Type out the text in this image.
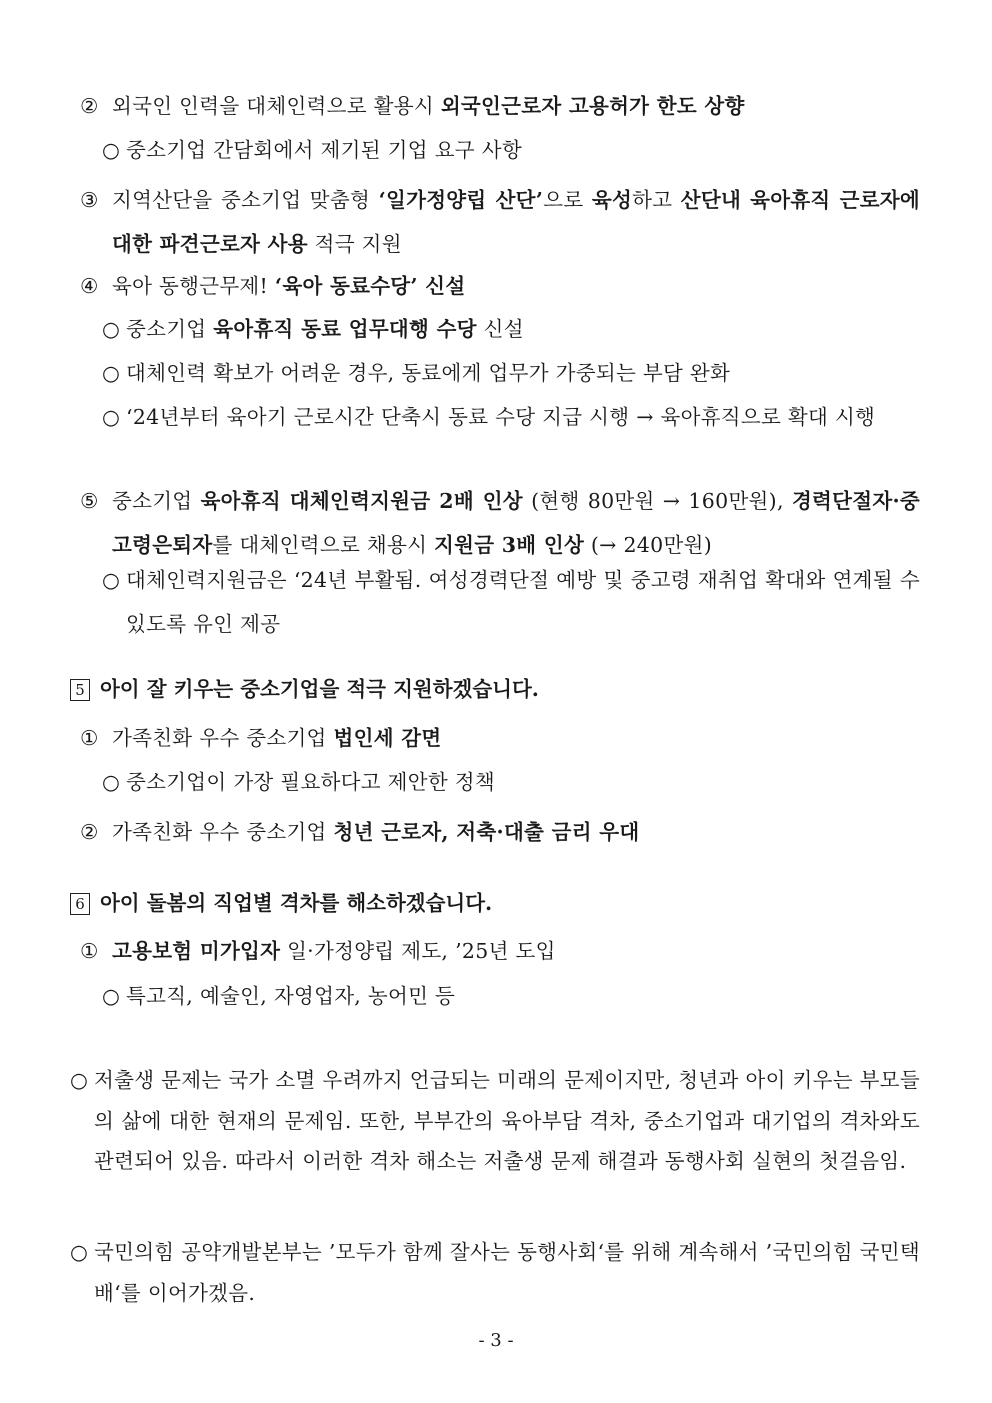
② 외국인 인력을 대체인력으로 활용시 외국인근로자 고용허가 한도 상향
○ 중소기업 간담회에서 제기된 기업 요구 사항
③ 지역산단을 중소기업 맞춤형 ‘일가정양립 산단’으로 육성하고 산단내 육아휴직 근로자에 대한 파견근로자 사용 적극 지원
④ 육아 동행근무제! ‘육아 동료수당’ 신설
○ 중소기업 육아휴직 동료 업무대행 수당 신설
○ 대체인력 확보가 어려운 경우, 동료에게 업무가 가중되는 부담 완화
○ ‘24년부터 육아기 근로시간 단축시 동료 수당 지급 시행 → 육아휴직으로 확대 시행
⑤ 중소기업 육아휴직 대체인력지원금 2배 인상 (현행 80만원 → 160만원), 경력단절자·중고령은퇴자를 대체인력으로 채용시 지원금 3배 인상 (→ 240만원)
○ 대체인력지원금은 ‘24년 부활됨. 여성경력단절 예방 및 중고령 재취업 확대와 연계될 수 있도록 유인 제공
5 아이 잘 키우는 중소기업을 적극 지원하겠습니다.
① 가족친화 우수 중소기업 법인세 감면
○ 중소기업이 가장 필요하다고 제안한 정책
② 가족친화 우수 중소기업 청년 근로자, 저축·대출 금리 우대
6 아이 돌봄의 직업별 격차를 해소하겠습니다.
① 고용보험 미가입자 일·가정양립 제도, ’25년 도입
○ 특고직, 예술인, 자영업자, 농어민 등
○ 저출생 문제는 국가 소멸 우려까지 언급되는 미래의 문제이지만, 청년과 아이 키우는 부모들의 삶에 대한 현재의 문제임. 또한, 부부간의 육아부담 격차, 중소기업과 대기업의 격차와도 관련되어 있음. 따라서 이러한 격차 해소는 저출생 문제 해결과 동행사회 실현의 첫걸음임.
○ 국민의힘 공약개발본부는 ’모두가 함께 잘사는 동행사회‘를 위해 계속해서 ’국민의힘 국민택배‘를 이어가겠음.
- 3 -
